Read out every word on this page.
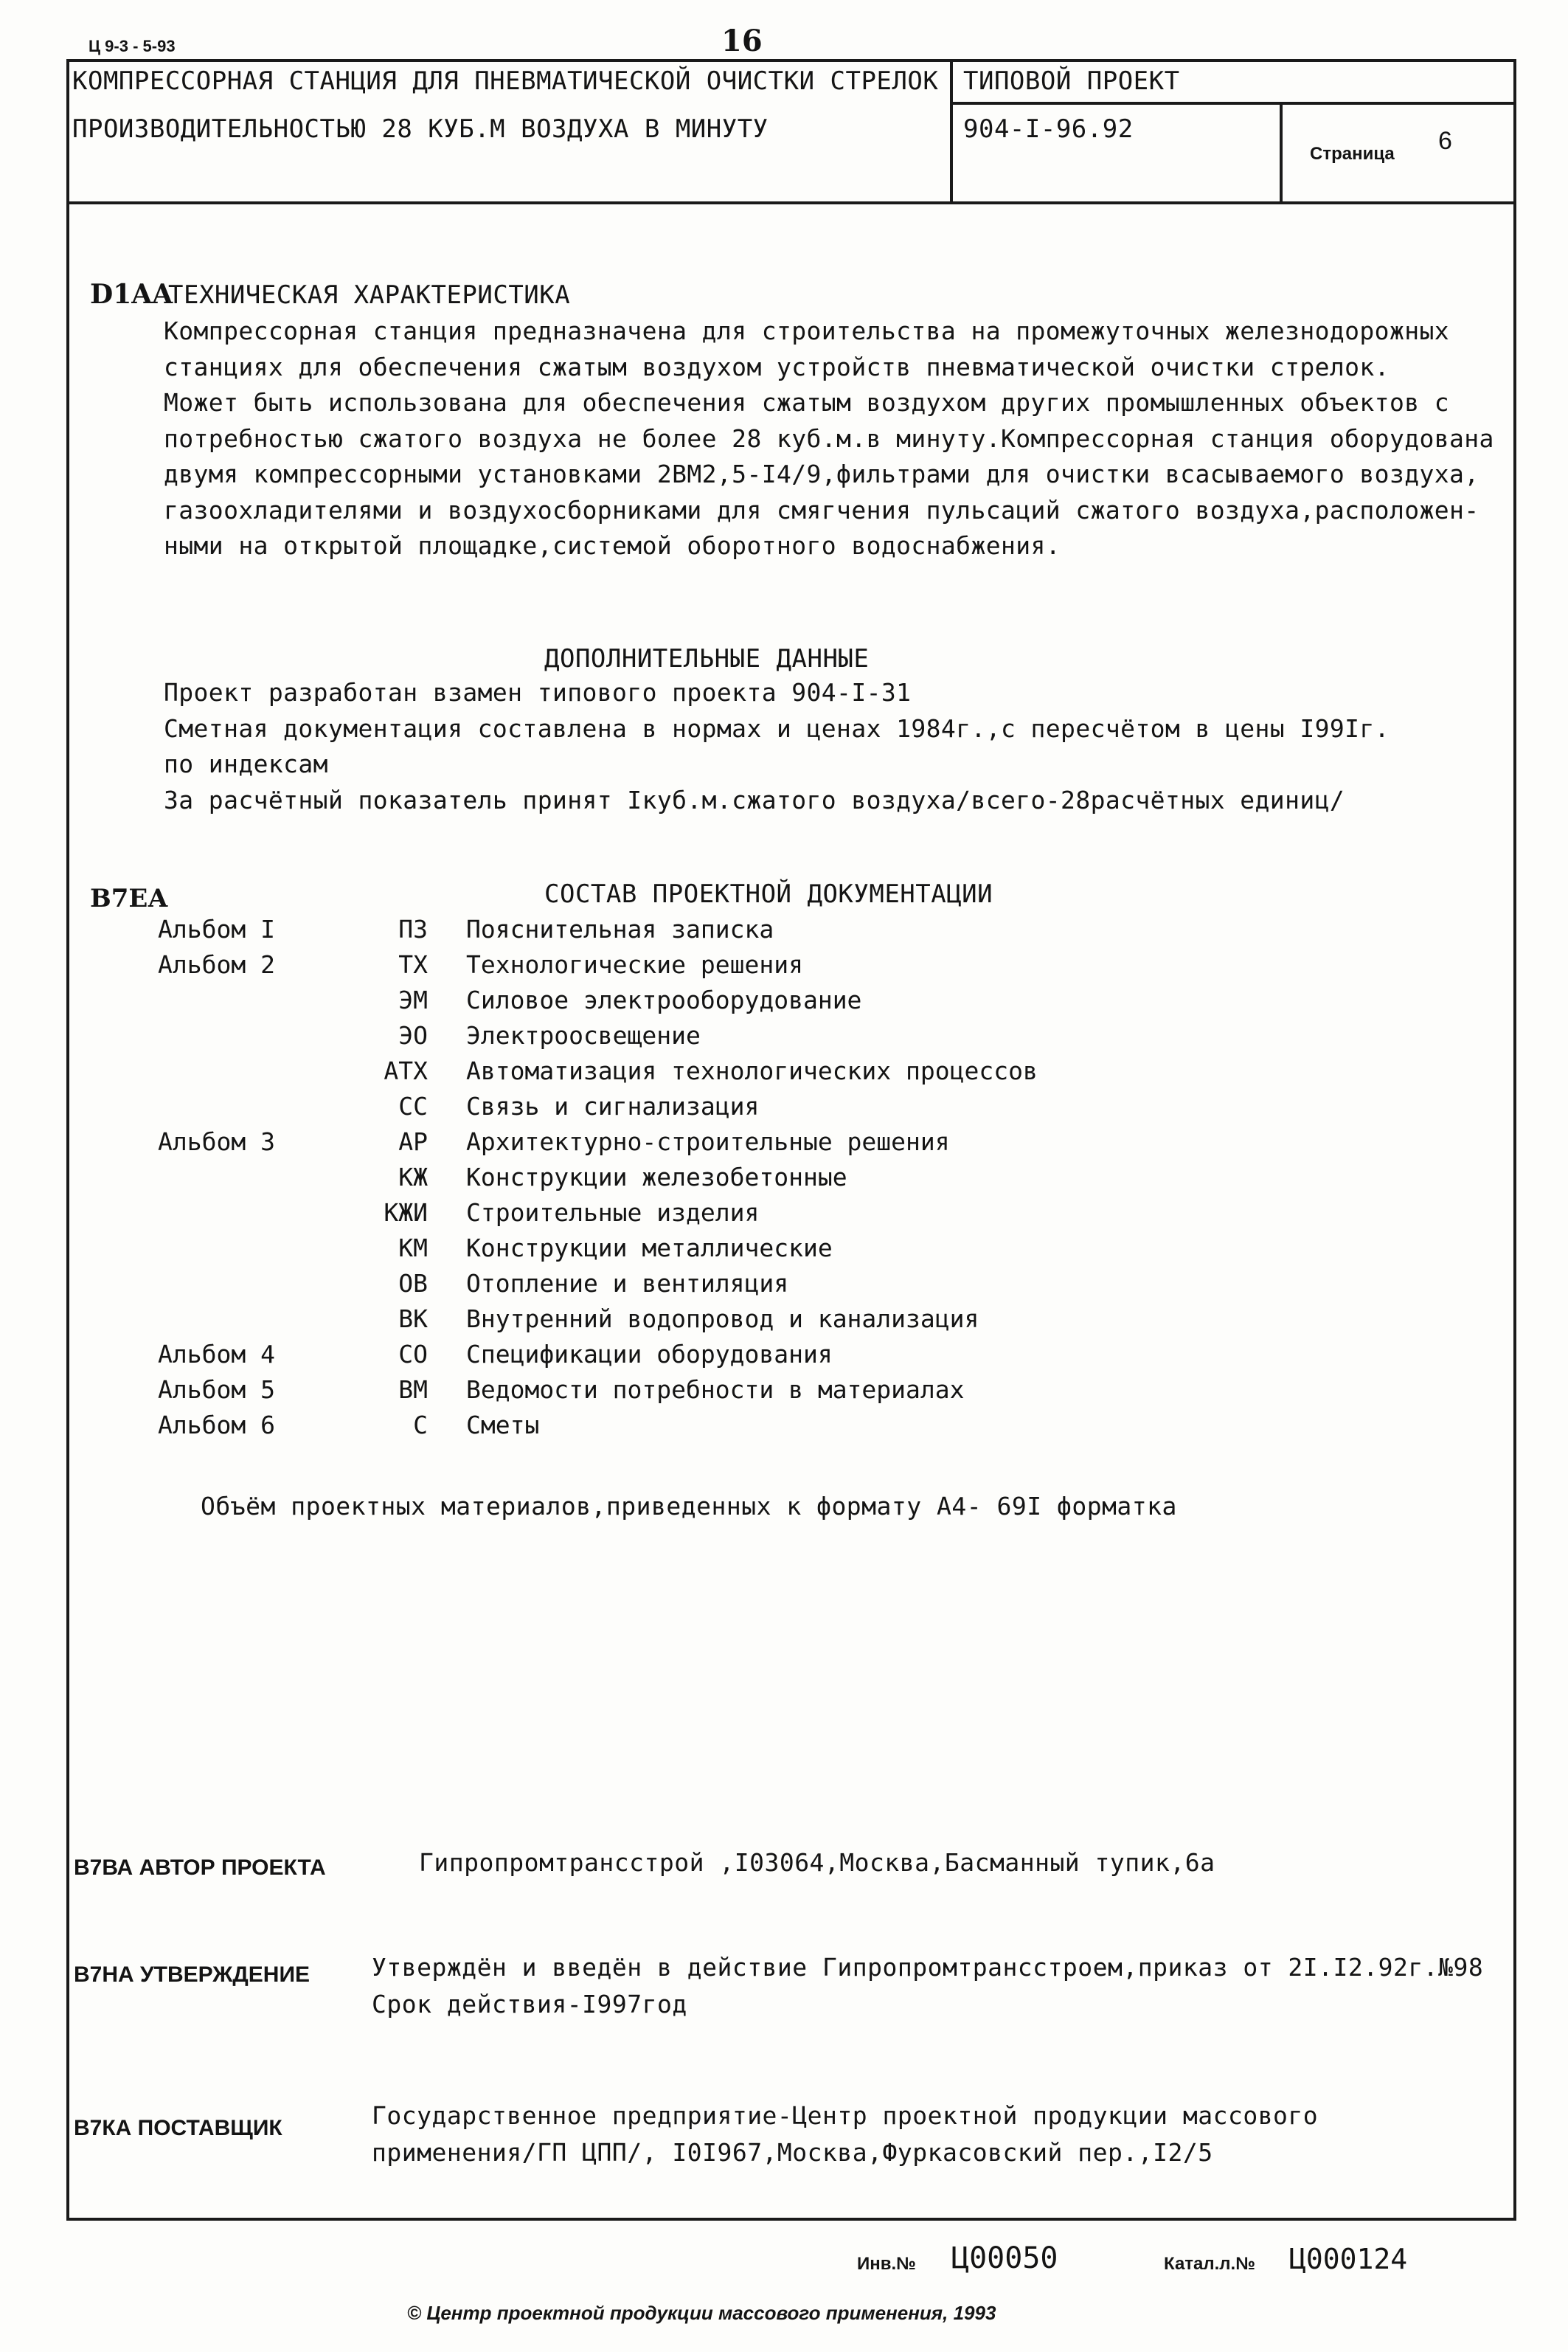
Ц 9-3 - 5-93	16
КОМПРЕССОРНАЯ СТАНЦИЯ ДЛЯ ПНЕВМАТИЧЕСКОЙ ОЧИСТКИ СТРЕЛОК
ПРОИЗВОДИТЕЛЬНОСТЬЮ 28 КУБ.М ВОЗДУХА В МИНУТУ
ТИПОВОЙ ПРОЕКТ
904-I-96.92
Страница 6
D1AA
ТЕХНИЧЕСКАЯ ХАРАКТЕРИСТИКА
Компрессорная станция предназначена для строительства на промежуточных железнодорожных
станциях для обеспечения сжатым воздухом устройств пневматической очистки стрелок.
Может быть использована для обеспечения сжатым воздухом других промышленных объектов с
потребностью сжатого воздуха не более 28 куб.м.в минуту.Компрессорная станция оборудована
двумя компрессорными установками 2ВМ2,5-I4/9,фильтрами для очистки всасываемого воздуха,
газоохладителями и воздухосборниками для смягчения пульсаций сжатого воздуха,расположен-
ными на открытой площадке,системой оборотного водоснабжения.
ДОПОЛНИТЕЛЬНЫЕ ДАННЫЕ
Проект разработан взамен типового проекта 904-I-31
Сметная документация составлена в нормах и ценах 1984г.,с пересчётом в цены I99Iг.
по индексам
За расчётный показатель принят Iкуб.м.сжатого воздуха/всего-28расчётных единиц/
В7ЕА	СОСТАВ ПРОЕКТНОЙ ДОКУМЕНТАЦИИ
Альбом I	ПЗ Пояснительная записка
Альбом 2	ТХ Технологические решения
ЭМ Силовое электрооборудование
ЭО Электроосвещение
АТХ Автоматизация технологических процессов
СС Связь и сигнализация
Альбом 3	АР Архитектурно-строительные решения
КЖ Конструкции железобетонные
КЖИ Строительные изделия
КМ Конструкции металлические
ОВ Отопление и вентиляция
ВК Внутренний водопровод и канализация
Альбом 4	СО Спецификации оборудования
Альбом 5	ВМ Ведомости потребности в материалах
Альбом 6	С Сметы
Объём проектных материалов,приведенных к формату А4- 69I форматка
В7ВА АВТОР ПРОЕКТА	Гипропромтрансстрой ,I03064,Москва,Басманный тупик,6а
В7НА УТВЕРЖДЕНИЕ	Утверждён и введён в действие Гипропромтрансстроем,приказ от 2I.I2.92г.№98
Срок действия-I997год
В7КА ПОСТАВЩИК	Государственное предприятие-Центр проектной продукции массового
применения/ГП ЦПП/, I0I967,Москва,Фуркасовский пер.,I2/5
Инв.№ Ц00050	Катал.л.№ Ц000124
© Центр проектной продукции массового применения, 1993
